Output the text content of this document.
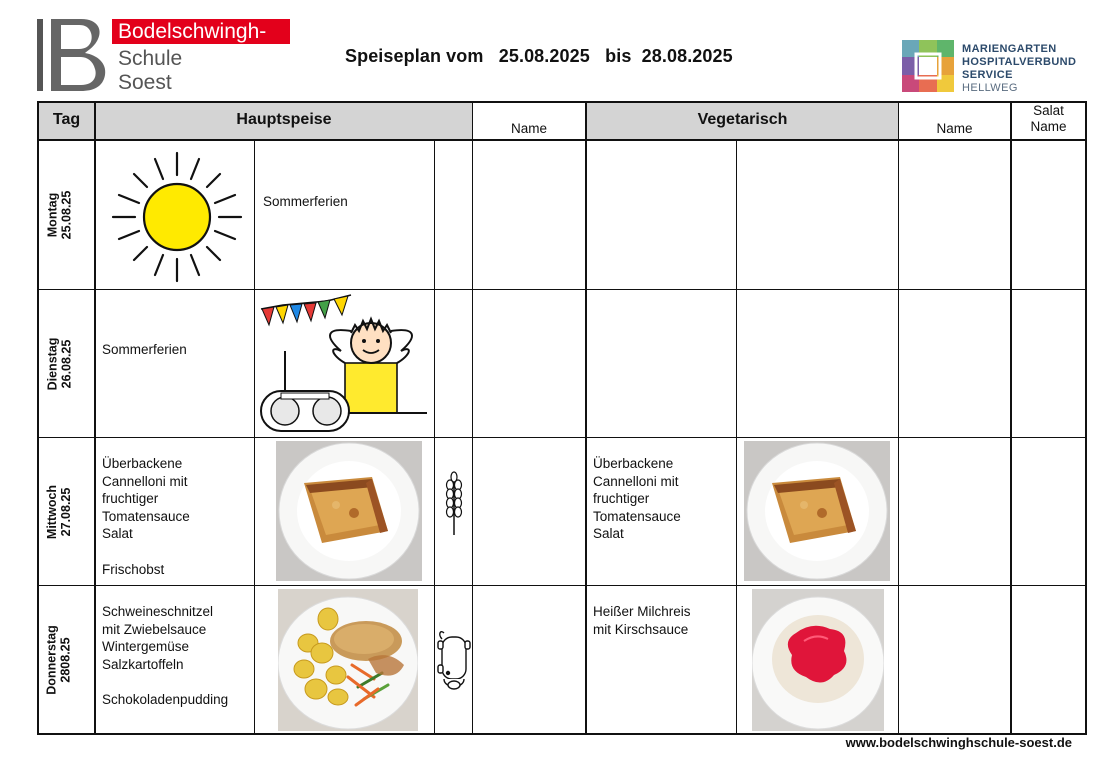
Bodelschwingh-
Schule
Soest
Speiseplan vom   25.08.2025   bis  28.08.2025	MARIENGARTEN
HOSPITALVERBUND
SERVICE
HELLWEG
Tag	Hauptspeise
Name
Vegetarisch
Name
Salat
Name
Montag
25.08.25
Dienstag
26.08.25
Mittwoch
27.08.25
Donnerstag
2808.25
Sommerferien
Sommerferien
Überbackene
Cannelloni mit
fruchtiger
Tomatensauce
Salat

Frischobst
Überbackene
Cannelloni mit
fruchtiger
Tomatensauce
Salat
Schweineschnitzel
mit Zwiebelsauce
Wintergemüse
Salzkartoffeln

Schokoladenpudding
Heißer Milchreis
mit Kirschsauce
www.bodelschwinghschule-soest.de
